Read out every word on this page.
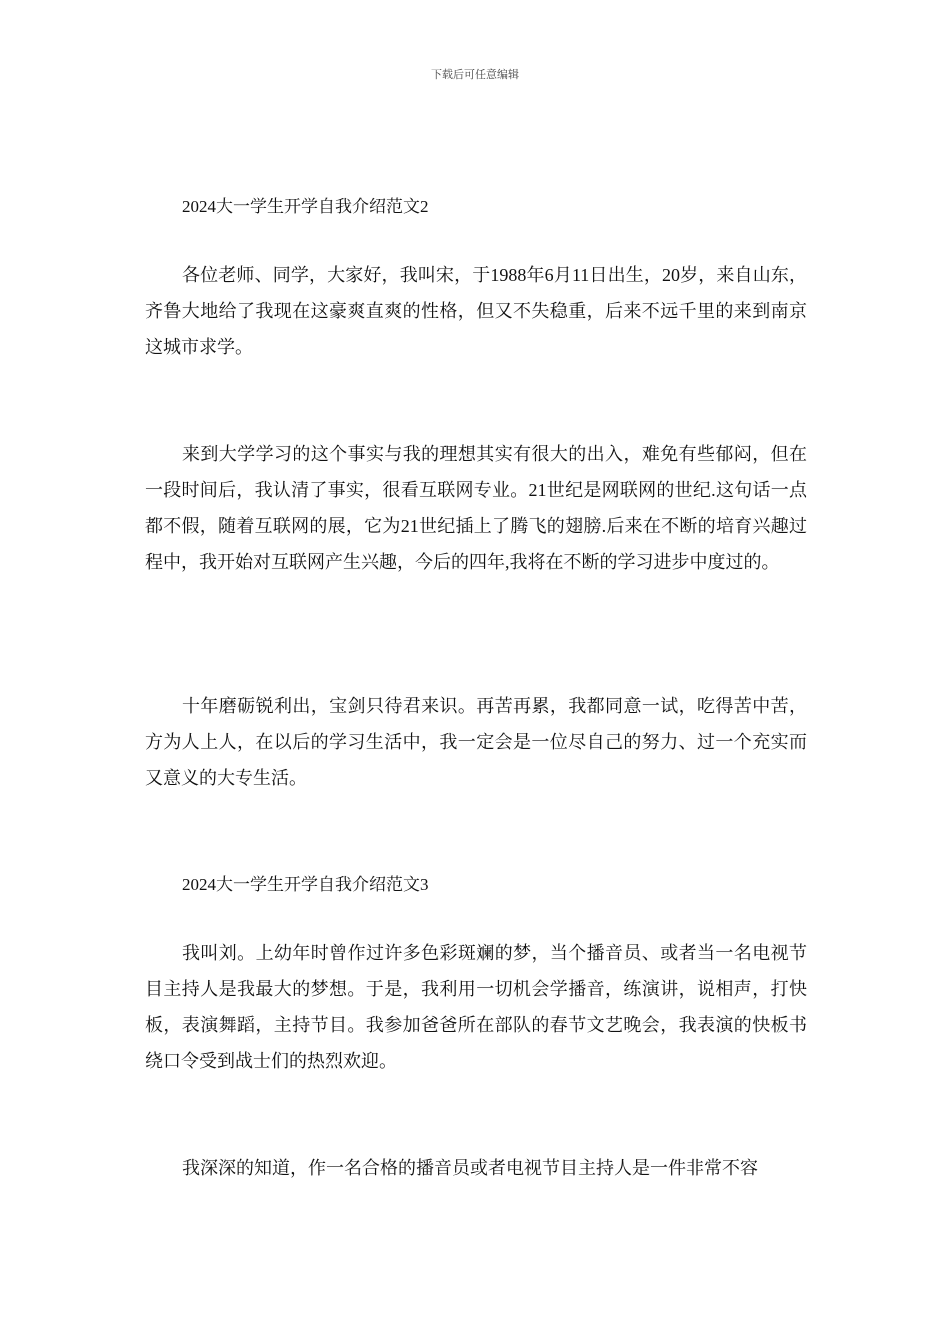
下载后可任意编辑
2024大一学生开学自我介绍范文2

各位老师、同学，大家好，我叫宋，于1988年6月11日出生，20岁，来自山东，齐鲁大地给了我现在这豪爽直爽的性格，但又不失稳重，后来不远千里的来到南京这城市求学。

来到大学学习的这个事实与我的理想其实有很大的出入，难免有些郁闷，但在一段时间后，我认清了事实，很看互联网专业。21世纪是网联网的世纪.这句话一点都不假，随着互联网的展，它为21世纪插上了腾飞的翅膀.后来在不断的培育兴趣过程中，我开始对互联网产生兴趣，今后的四年,我将在不断的学习进步中度过的。

十年磨砺锐利出，宝剑只待君来识。再苦再累，我都同意一试，吃得苦中苦，方为人上人，在以后的学习生活中，我一定会是一位尽自己的努力、过一个充实而又意义的大专生活。

2024大一学生开学自我介绍范文3

我叫刘。上幼年时曾作过许多色彩斑斓的梦，当个播音员、或者当一名电视节目主持人是我最大的梦想。于是，我利用一切机会学播音，练演讲，说相声，打快板，表演舞蹈，主持节目。我参加爸爸所在部队的春节文艺晚会，我表演的快板书绕口令受到战士们的热烈欢迎。

我深深的知道，作一名合格的播音员或者电视节目主持人是一件非常不容
